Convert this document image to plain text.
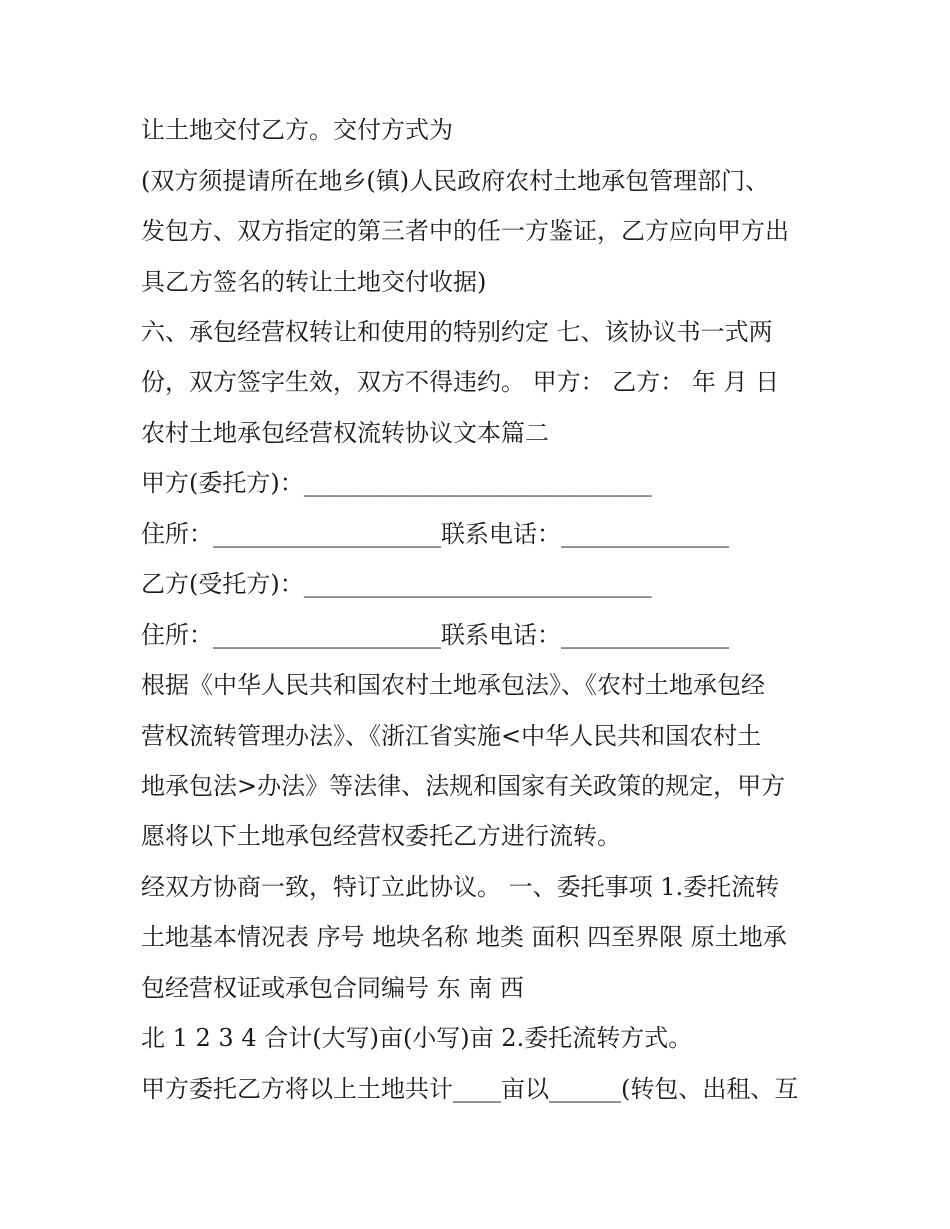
让土地交付乙方。交付方式为
(双方须提请所在地乡(镇)人民政府农村土地承包管理部门、
发包方、双方指定的第三者中的任一方鉴证，乙方应向甲方出
具乙方签名的转让土地交付收据)
六、承包经营权转让和使用的特别约定 七、该协议书一式两
份，双方签字生效，双方不得违约。 甲方： 乙方： 年 月 日
农村土地承包经营权流转协议文本篇二
甲方(委托方)：_____________________________
住所：___________________联系电话：______________
乙方(受托方)：_____________________________
住所：___________________联系电话：______________
根据《中华人民共和国农村土地承包法》、《农村土地承包经
营权流转管理办法》、《浙江省实施<中华人民共和国农村土
地承包法>办法》等法律、法规和国家有关政策的规定，甲方
愿将以下土地承包经营权委托乙方进行流转。
经双方协商一致，特订立此协议。 一、委托事项 1.委托流转
土地基本情况表 序号 地块名称 地类 面积 四至界限 原土地承
包经营权证或承包合同编号 东 南 西
北 1 2 3 4 合计(大写)亩(小写)亩 2.委托流转方式。
甲方委托乙方将以上土地共计____亩以______(转包、出租、互
